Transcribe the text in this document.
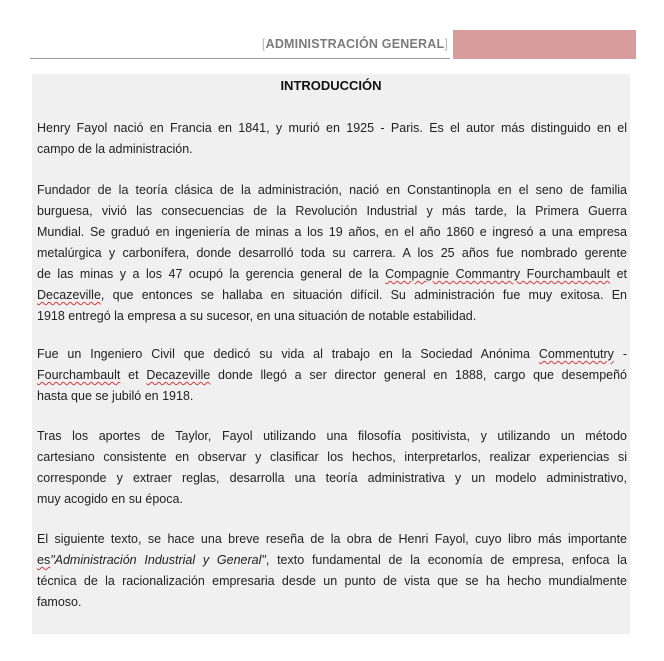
[ADMINISTRACIÓN GENERAL]
INTRODUCCIÓN
Henry Fayol nació en Francia en 1841, y murió en 1925 - Paris. Es el autor más distinguido en el
campo de la administración.
Fundador de la teoría clásica de la administración, nació en Constantinopla en el seno de familia
burguesa, vivió las consecuencias de la Revolución Industrial y más tarde, la Primera Guerra
Mundial. Se graduó en ingeniería de minas a los 19 años, en el año 1860 e ingresó a una empresa
metalúrgica y carbonífera, donde desarrolló toda su carrera. A los 25 años fue nombrado gerente
de las minas y a los 47 ocupó la gerencia general de la Compagnie Commantry Fourchambault et
Decazeville, que entonces se hallaba en situación difícil. Su administración fue muy exitosa. En
1918 entregó la empresa a su sucesor, en una situación de notable estabilidad.
Fue un Ingeniero Civil que dedicó su vida al trabajo en la Sociedad Anónima Commentutry -
Fourchambault et Decazeville donde llegó a ser director general en 1888, cargo que desempeñó
hasta que se jubiló en 1918.
Tras los aportes de Taylor, Fayol utilizando una filosofía positivista, y utilizando un método
cartesiano consistente en observar y clasificar los hechos, interpretarlos, realizar experiencias si
corresponde y extraer reglas, desarrolla una teoría administrativa y un modelo administrativo,
muy acogido en su época.
El siguiente texto, se hace una breve reseña de la obra de Henri Fayol, cuyo libro más importante
es"Administración Industrial y General", texto fundamental de la economía de empresa, enfoca la
técnica de la racionalización empresaria desde un punto de vista que se ha hecho mundialmente
famoso.
